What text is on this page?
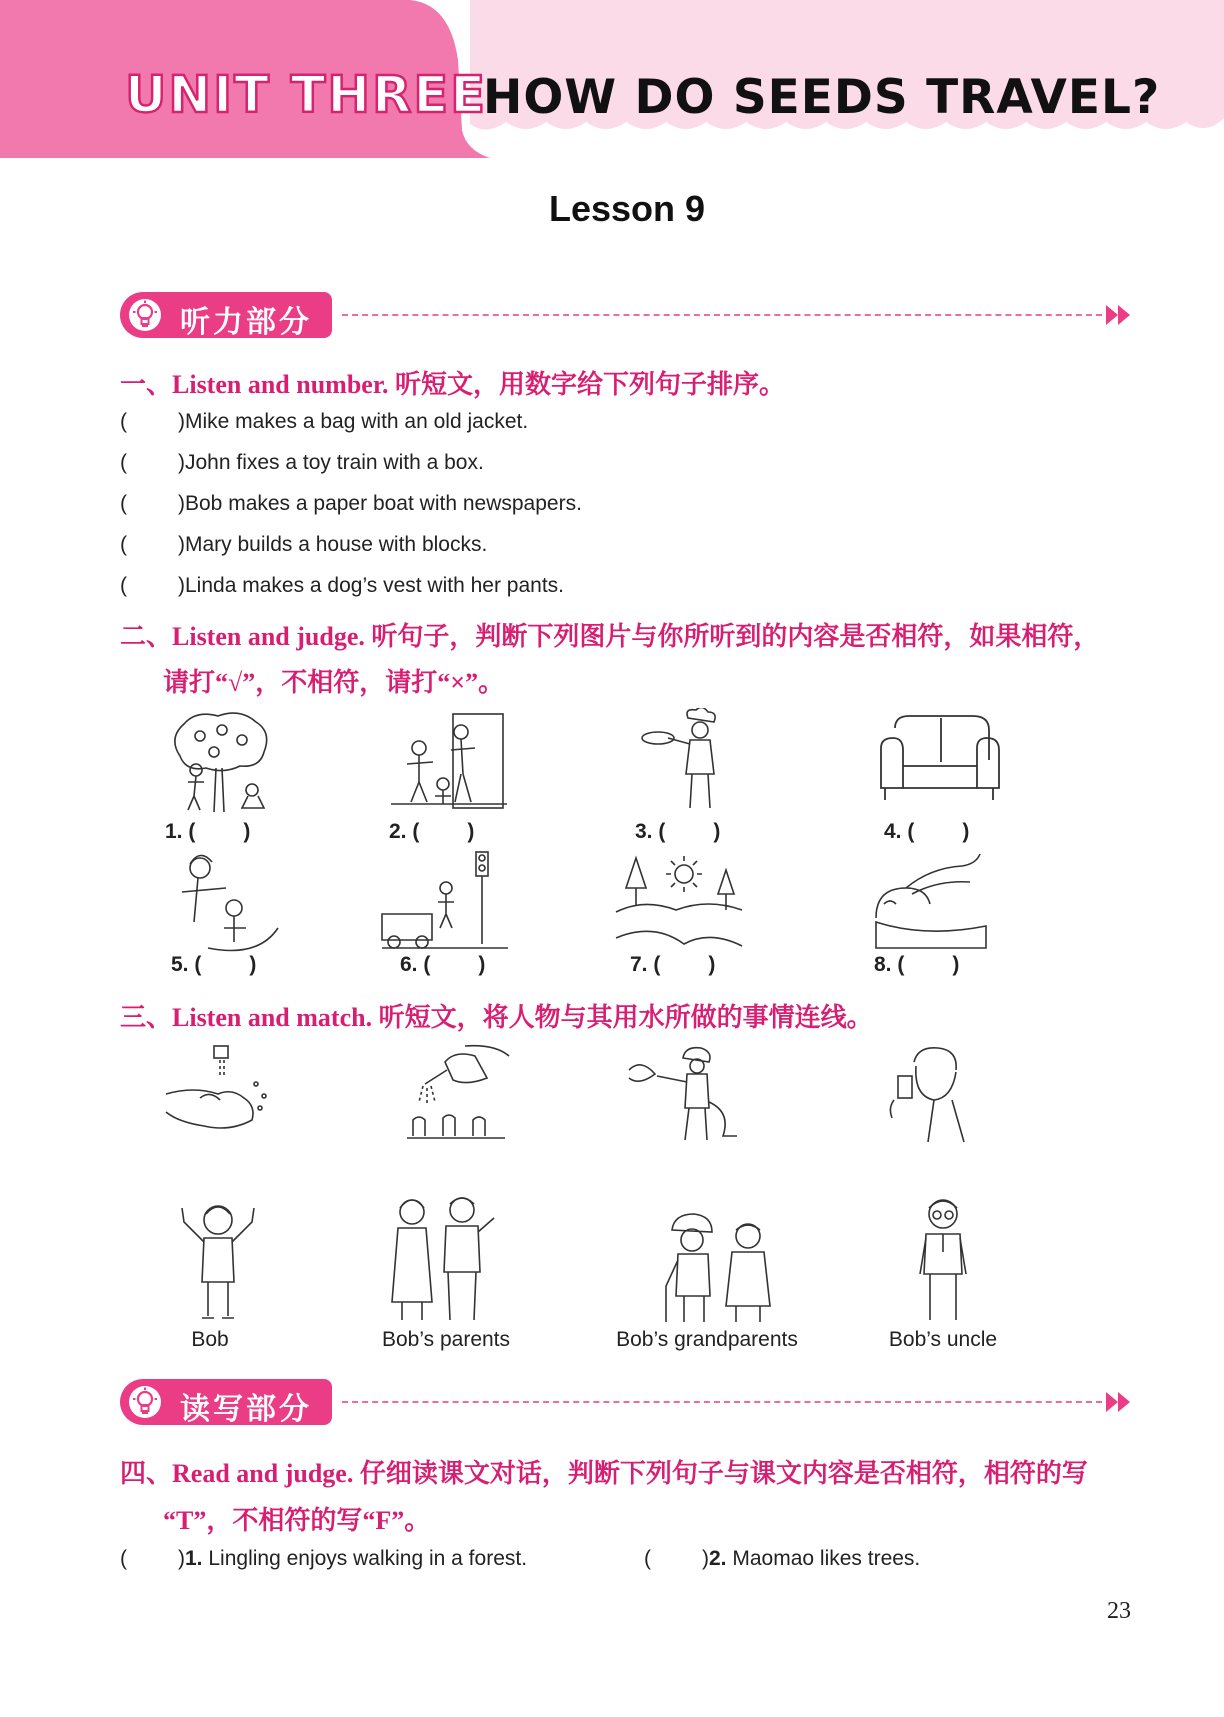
UNIT THREE
HOW DO SEEDS TRAVEL?
Lesson 9
听力部分
一、Listen and number. 听短文，用数字给下列句子排序。
( )Mike makes a bag with an old jacket.
( )John fixes a toy train with a box.
( )Bob makes a paper boat with newspapers.
( )Mary builds a house with blocks.
( )Linda makes a dog’s vest with her pants.
二、Listen and judge. 听句子，判断下列图片与你所听到的内容是否相符，如果相符，
请打“√”，不相符，请打“×”。
1. ( )	2. ( )	3. ( )	4. ( )
5. ( )	6. ( )	7. ( )	8. ( )
三、Listen and match. 听短文，将人物与其用水所做的事情连线。
Bob	Bob’s parents	Bob’s grandparents	Bob’s uncle
读写部分
四、Read and judge. 仔细读课文对话，判断下列句子与课文内容是否相符，相符的写
“T”，不相符的写“F”。
( )1. Lingling enjoys walking in a forest.	( )2. Maomao likes trees.
23
